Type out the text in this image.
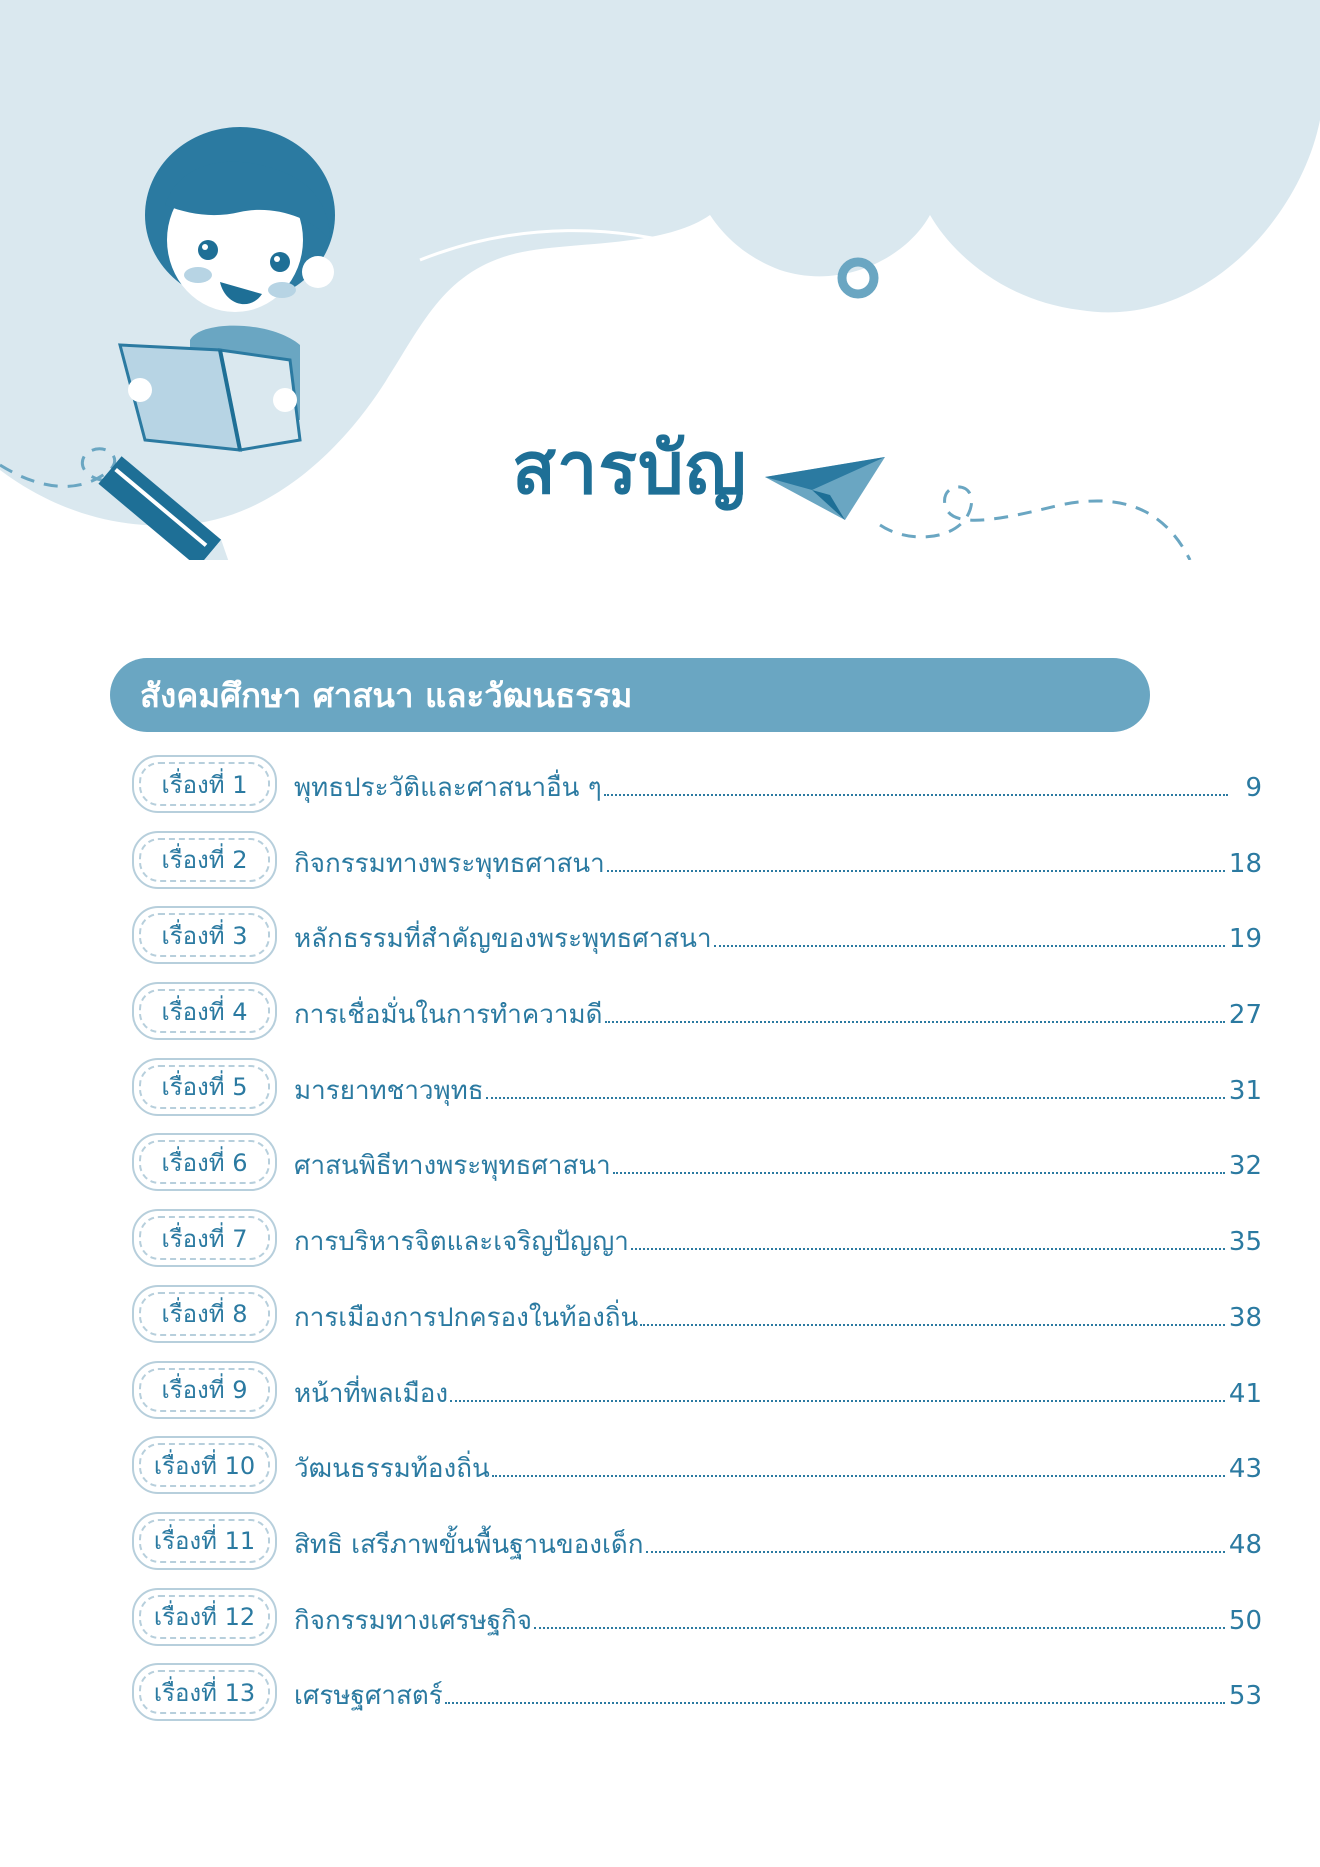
สารบัญ
สังคมศึกษา ศาสนา และวัฒนธรรม
เรื่องที่ 1	พุทธประวัติและศาสนาอื่น ๆ	9
เรื่องที่ 2	กิจกรรมทางพระพุทธศาสนา	18
เรื่องที่ 3	หลักธรรมที่สำคัญของพระพุทธศาสนา	19
เรื่องที่ 4	การเชื่อมั่นในการทำความดี	27
เรื่องที่ 5	มารยาทชาวพุทธ	31
เรื่องที่ 6	ศาสนพิธีทางพระพุทธศาสนา	32
เรื่องที่ 7	การบริหารจิตและเจริญปัญญา	35
เรื่องที่ 8	การเมืองการปกครองในท้องถิ่น	38
เรื่องที่ 9	หน้าที่พลเมือง	41
เรื่องที่ 10	วัฒนธรรมท้องถิ่น	43
เรื่องที่ 11	สิทธิ เสรีภาพขั้นพื้นฐานของเด็ก	48
เรื่องที่ 12	กิจกรรมทางเศรษฐกิจ	50
เรื่องที่ 13	เศรษฐศาสตร์	53
